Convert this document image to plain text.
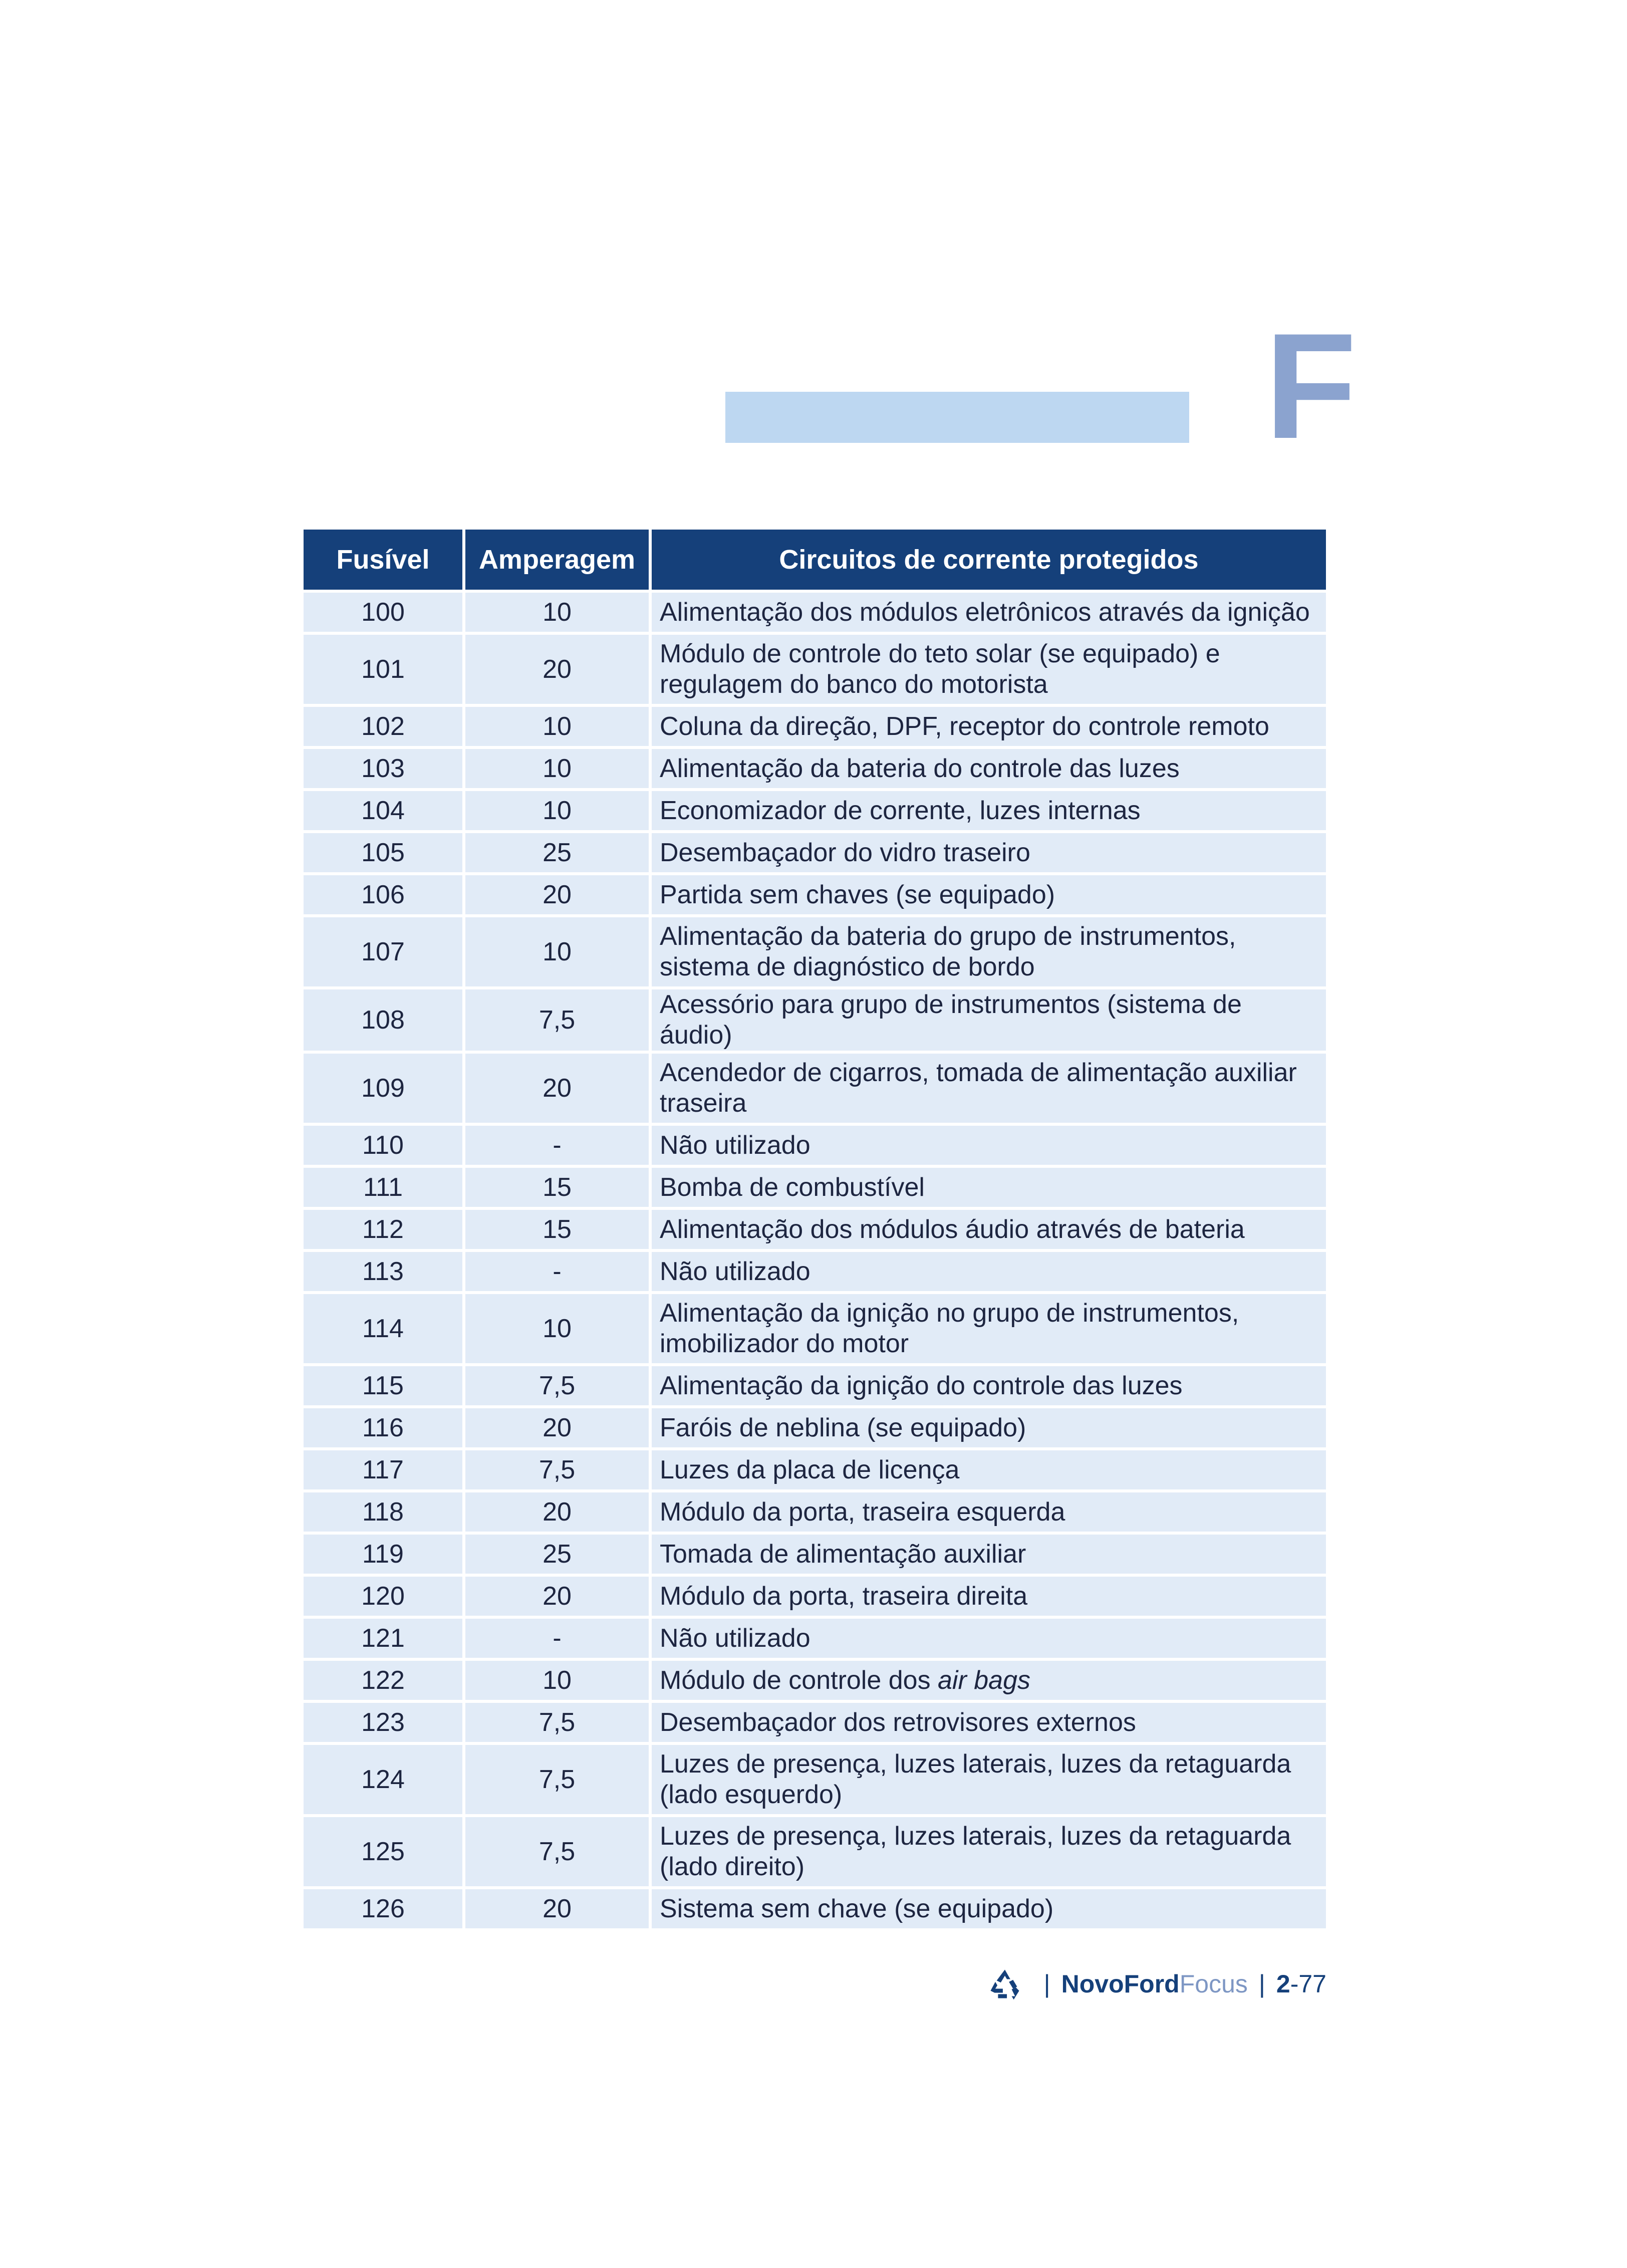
F
Fusível	Amperagem	Circuitos de corrente protegidos
100	10	Alimentação dos módulos eletrônicos através da ignição
101	20	Módulo de controle do teto solar (se equipado) e regulagem do banco do motorista
102	10	Coluna da direção, DPF, receptor do controle remoto
103	10	Alimentação da bateria do controle das luzes
104	10	Economizador de corrente, luzes internas
105	25	Desembaçador do vidro traseiro
106	20	Partida sem chaves (se equipado)
107	10	Alimentação da bateria do grupo de instrumentos, sistema de diagnóstico de bordo
108	7,5	Acessório para grupo de instrumentos (sistema de áudio)
109	20	Acendedor de cigarros, tomada de alimentação auxiliar traseira
110	-	Não utilizado
111	15	Bomba de combustível
112	15	Alimentação dos módulos áudio através de bateria
113	-	Não utilizado
114	10	Alimentação da ignição no grupo de instrumentos, imobilizador do motor
115	7,5	Alimentação da ignição do controle das luzes
116	20	Faróis de neblina (se equipado)
117	7,5	Luzes da placa de licença
118	20	Módulo da porta, traseira esquerda
119	25	Tomada de alimentação auxiliar
120	20	Módulo da porta, traseira direita
121	-	Não utilizado
122	10	Módulo de controle dos air bags
123	7,5	Desembaçador dos retrovisores externos
124	7,5	Luzes de presença, luzes laterais, luzes da retaguarda (lado esquerdo)
125	7,5	Luzes de presença, luzes laterais, luzes da retaguarda (lado direito)
126	20	Sistema sem chave (se equipado)
| Novo Ford Focus | 2 - 77
